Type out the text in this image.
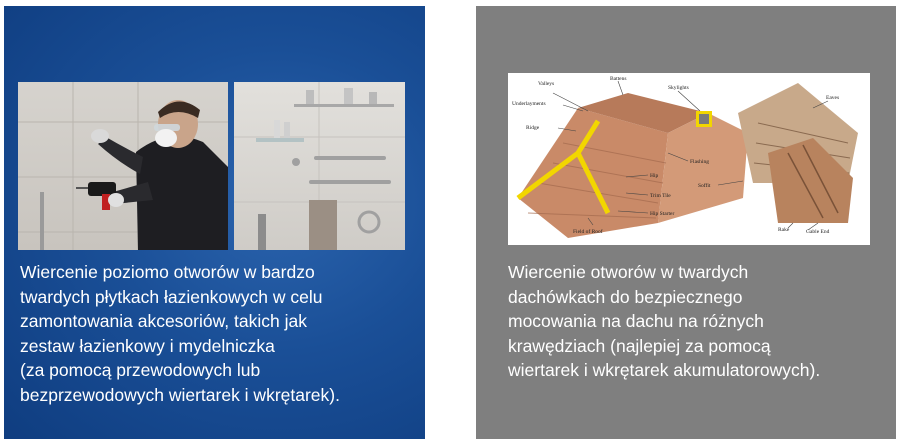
Wiercenie poziomo otworów w bardzo
twardych płytkach łazienkowych w celu
zamontowania akcesoriów, takich jak
zestaw łazienkowy i mydelniczka
(za pomocą przewodowych lub
bezprzewodowych wiertarek i wkrętarek).
Valleys
Battens
Skylights
Underlayments
Ridge
Eaves
Flashing
Hip
Trim Tile
Hip Starter
Soffit
Field of Roof	Rake	Gable End
Wiercenie otworów w twardych
dachówkach do bezpiecznego
mocowania na dachu na różnych
krawędziach (najlepiej za pomocą
wiertarek i wkrętarek akumulatorowych).
